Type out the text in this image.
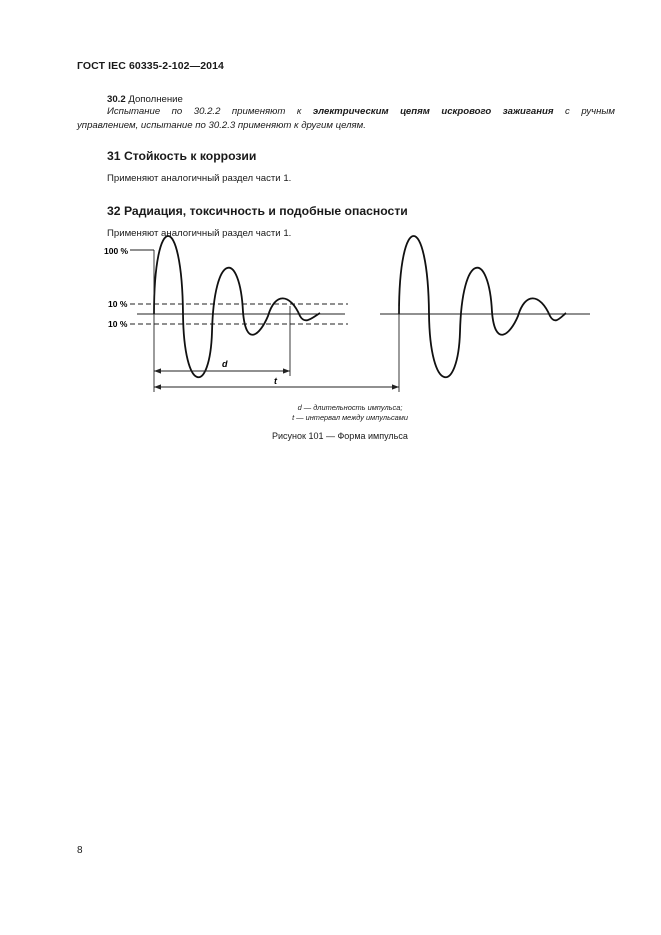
ГОСТ IEC 60335-2-102—2014
30.2 Дополнение
Испытание по 30.2.2 применяют к электрическим цепям искрового зажигания с ручным
управлением, испытание по 30.2.3 применяют к другим целям.
31 Стойкость к коррозии
Применяют аналогичный раздел части 1.
32 Радиация, токсичность и подобные опасности
Применяют аналогичный раздел части 1.
100 %
10 %
10 %
d
t
d — длительность импульса;
t — интервал между импульсами
Рисунок 101 — Форма импульса
8
